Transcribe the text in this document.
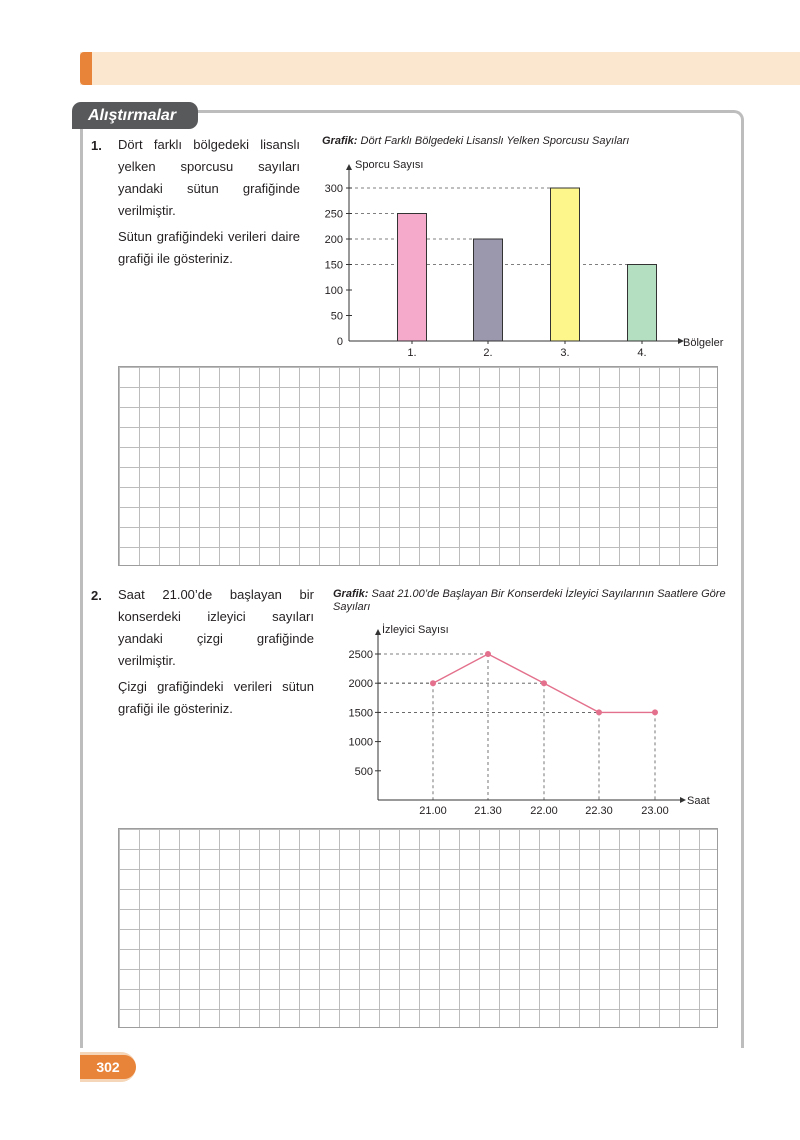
Alıştırmalar
1. Dört farklı bölgedeki lisanslı yelken sporcusu sayıları yandaki sütun grafiğinde verilmiştir.

Sütun grafiğindeki verileri daire grafiği ile gösteriniz.

Grafik: Dört Farklı Bölgedeki Lisanslı Yelken Sporcusu Sayıları
0
50
100
150
200
250
300
1.	2.	3.	4.
Sporcu Sayısı
Bölgeler
2. Saat 21.00’de başlayan bir konserdeki izleyici sayıları yandaki çizgi grafiğinde verilmiştir.

Çizgi grafiğindeki verileri sütun grafiği ile gösteriniz.

Grafik: Saat 21.00’de Başlayan Bir Konserdeki İzleyici Sayılarının Saatlere Göre Sayıları
500
1000
1500
2000
2500
21.00 21.30	22.00 22.30	23.00
İzleyici Sayısı
Saat
302
